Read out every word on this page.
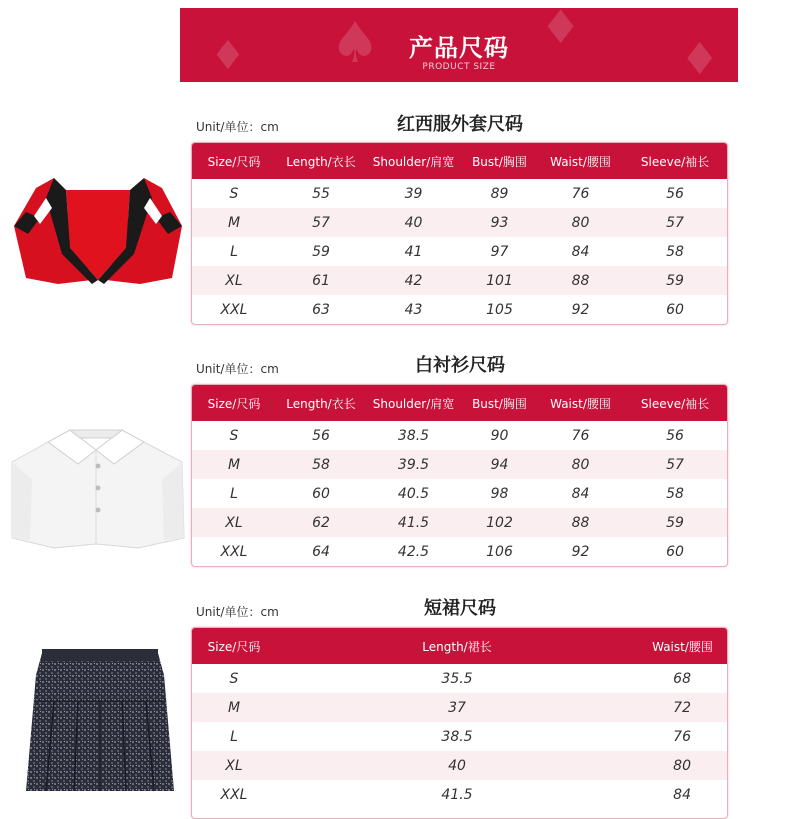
♠
♦
♦
♦
产品尺码
PRODUCT SIZE
Unit/单位：cm	红西服外套尺码
Size/尺码	Length/衣长	Shoulder/肩宽	Bust/胸围	Waist/腰围	Sleeve/袖长
S	55	39	89	76	56
M	57	40	93	80	57
L	59	41	97	84	58
XL	61	42	101	88	59
XXL	63	43	105	92	60
Unit/单位：cm	白衬衫尺码
Size/尺码	Length/衣长	Shoulder/肩宽	Bust/胸围	Waist/腰围	Sleeve/袖长
S	56	38.5	90	76	56
M	58	39.5	94	80	57
L	60	40.5	98	84	58
XL	62	41.5	102	88	59
XXL	64	42.5	106	92	60
Unit/单位：cm	短裙尺码
Size/尺码	Length/裙长	Waist/腰围
S	35.5	68
M	37	72
L	38.5	76
XL	40	80
XXL	41.5	84
